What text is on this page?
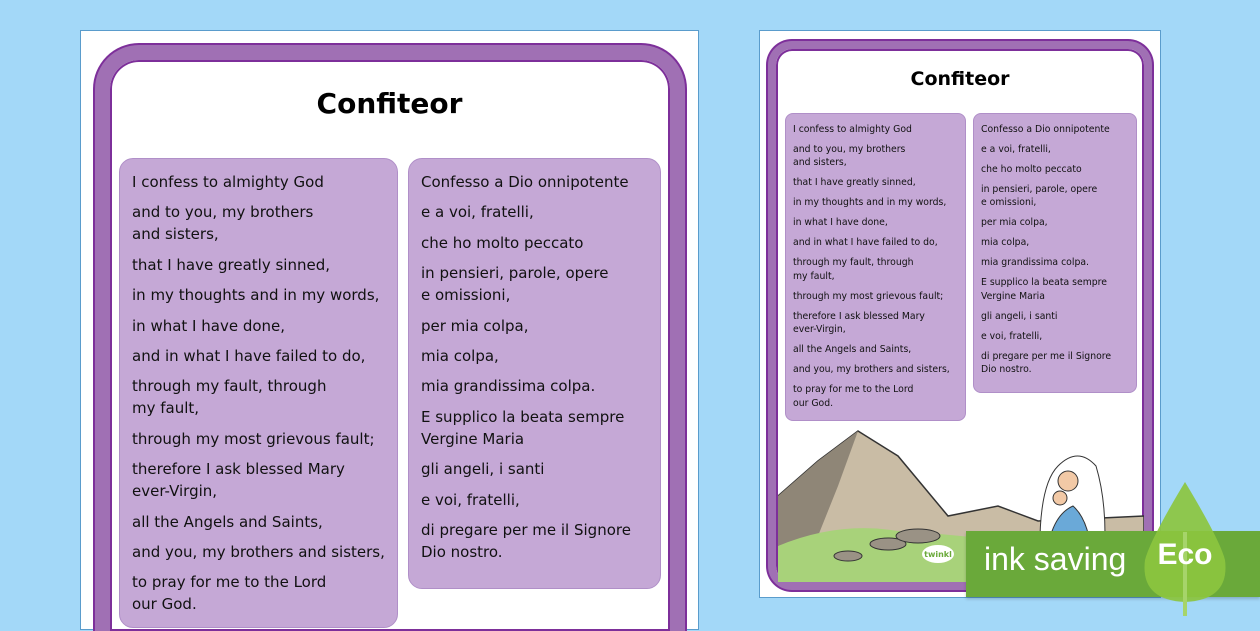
Confiteor
I confess to almighty God
and to you, my brothers
and sisters,
that I have greatly sinned,
in my thoughts and in my words,
in what I have done,
and in what I have failed to do,
through my fault, through
my fault,
through my most grievous fault;
therefore I ask blessed Mary
ever-Virgin,
all the Angels and Saints,
and you, my brothers and sisters,
to pray for me to the Lord
our God.
Confesso a Dio onnipotente
e a voi, fratelli,
che ho molto peccato
in pensieri, parole, opere
e omissioni,
per mia colpa,
mia colpa,
mia grandissima colpa.
E supplico la beata sempre
Vergine Maria
gli angeli, i santi
e voi, fratelli,
di pregare per me il Signore
Dio nostro.
Confiteor
I confess to almighty God
and to you, my brothers
and sisters,
that I have greatly sinned,
in my thoughts and in my words,
in what I have done,
and in what I have failed to do,
through my fault, through
my fault,
through my most grievous fault;
therefore I ask blessed Mary
ever-Virgin,
all the Angels and Saints,
and you, my brothers and sisters,
to pray for me to the Lord
our God.
Confesso a Dio onnipotente
e a voi, fratelli,
che ho molto peccato
in pensieri, parole, opere
e omissioni,
per mia colpa,
mia colpa,
mia grandissima colpa.
E supplico la beata sempre
Vergine Maria
gli angeli, i santi
e voi, fratelli,
di pregare per me il Signore
Dio nostro.
twinkl ink saving	Eco
